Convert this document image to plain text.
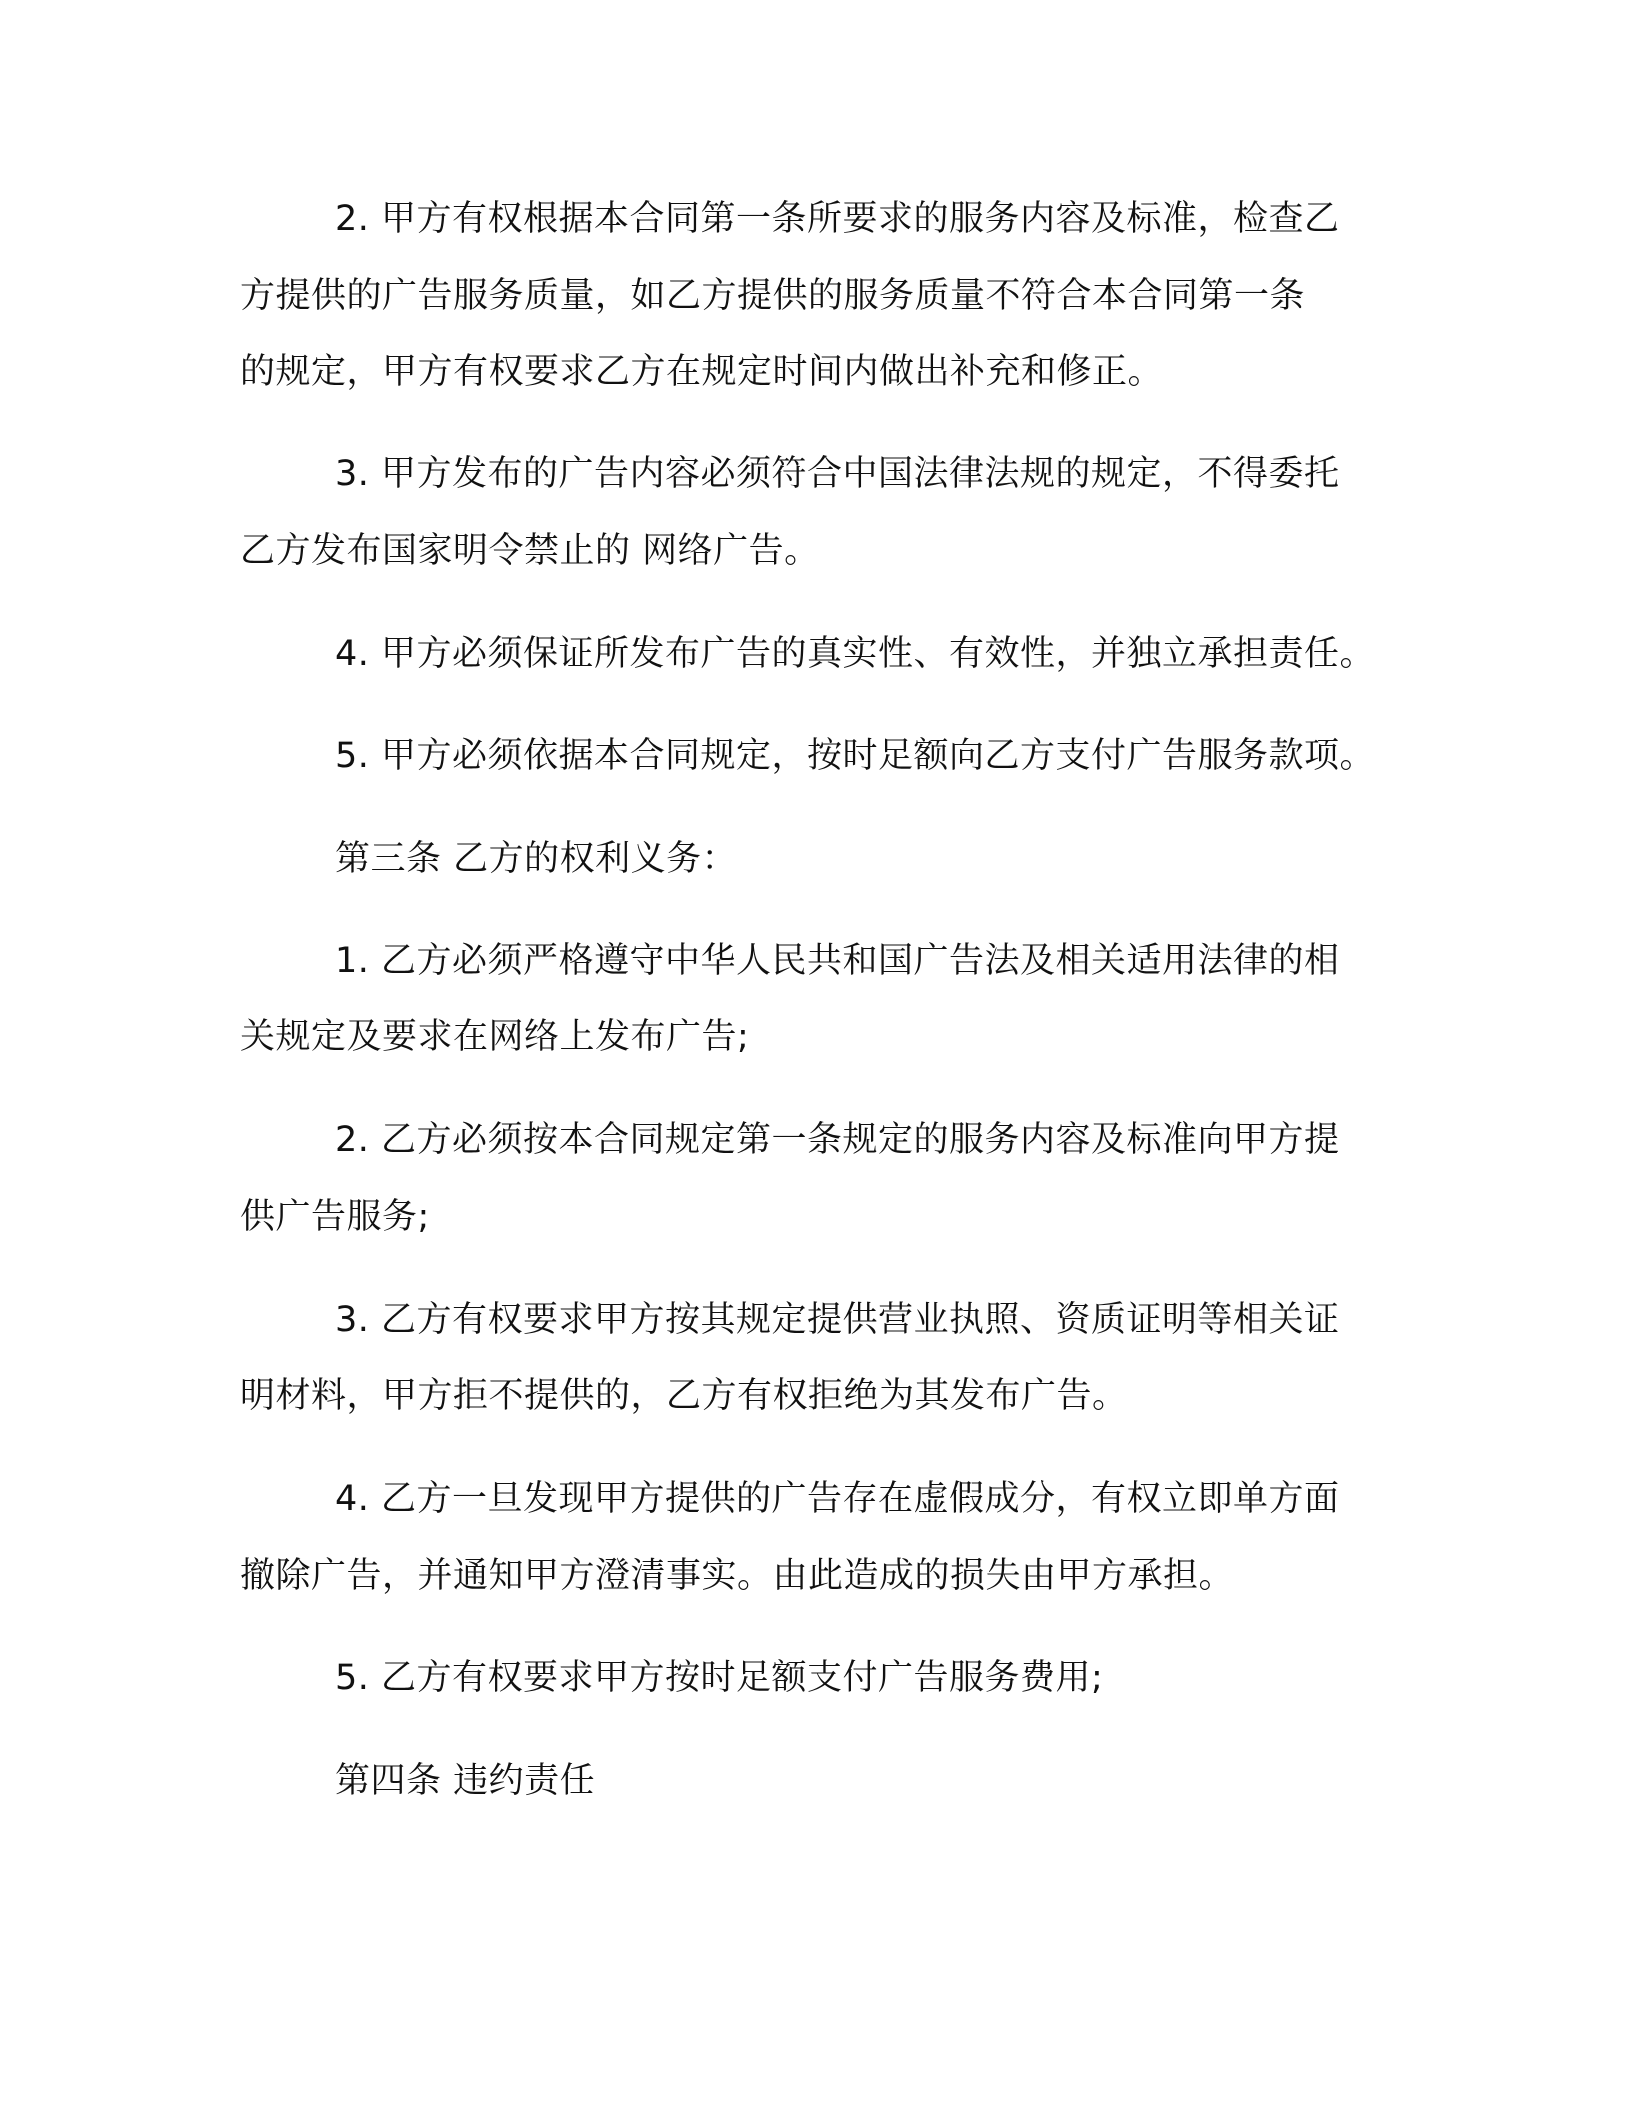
2. 甲方有权根据本合同第一条所要求的服务内容及标准，检查乙
方提供的广告服务质量，如乙方提供的服务质量不符合本合同第一条
的规定，甲方有权要求乙方在规定时间内做出补充和修正。
3. 甲方发布的广告内容必须符合中国法律法规的规定，不得委托
乙方发布国家明令禁止的 网络广告。
4. 甲方必须保证所发布广告的真实性、有效性，并独立承担责任。
5. 甲方必须依据本合同规定，按时足额向乙方支付广告服务款项。
第三条 乙方的权利义务：
1. 乙方必须严格遵守中华人民共和国广告法及相关适用法律的相
关规定及要求在网络上发布广告;
2. 乙方必须按本合同规定第一条规定的服务内容及标准向甲方提
供广告服务;
3. 乙方有权要求甲方按其规定提供营业执照、资质证明等相关证
明材料，甲方拒不提供的，乙方有权拒绝为其发布广告。
4. 乙方一旦发现甲方提供的广告存在虚假成分，有权立即单方面
撤除广告，并通知甲方澄清事实。由此造成的损失由甲方承担。
5. 乙方有权要求甲方按时足额支付广告服务费用;
第四条 违约责任
